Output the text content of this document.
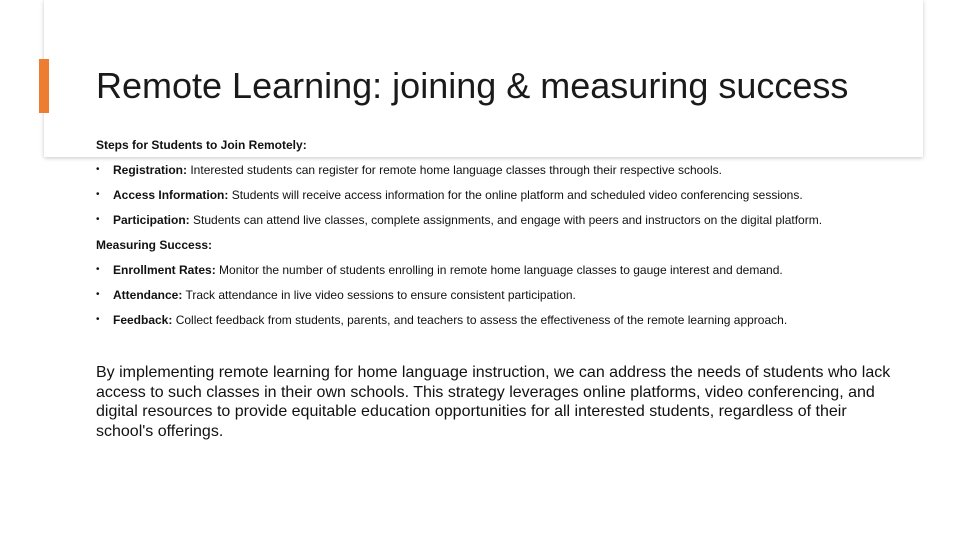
Remote Learning: joining & measuring success
Steps for Students to Join Remotely:
• Registration: Interested students can register for remote home language classes through their respective schools.
• Access Information: Students will receive access information for the online platform and scheduled video conferencing sessions.
• Participation: Students can attend live classes, complete assignments, and engage with peers and instructors on the digital platform.
Measuring Success:
• Enrollment Rates: Monitor the number of students enrolling in remote home language classes to gauge interest and demand.
• Attendance: Track attendance in live video sessions to ensure consistent participation.
• Feedback: Collect feedback from students, parents, and teachers to assess the effectiveness of the remote learning approach.

By implementing remote learning for home language instruction, we can address the needs of students who lack access to such classes in their own schools. This strategy leverages online platforms, video conferencing, and digital resources to provide equitable education opportunities for all interested students, regardless of their school's offerings.
